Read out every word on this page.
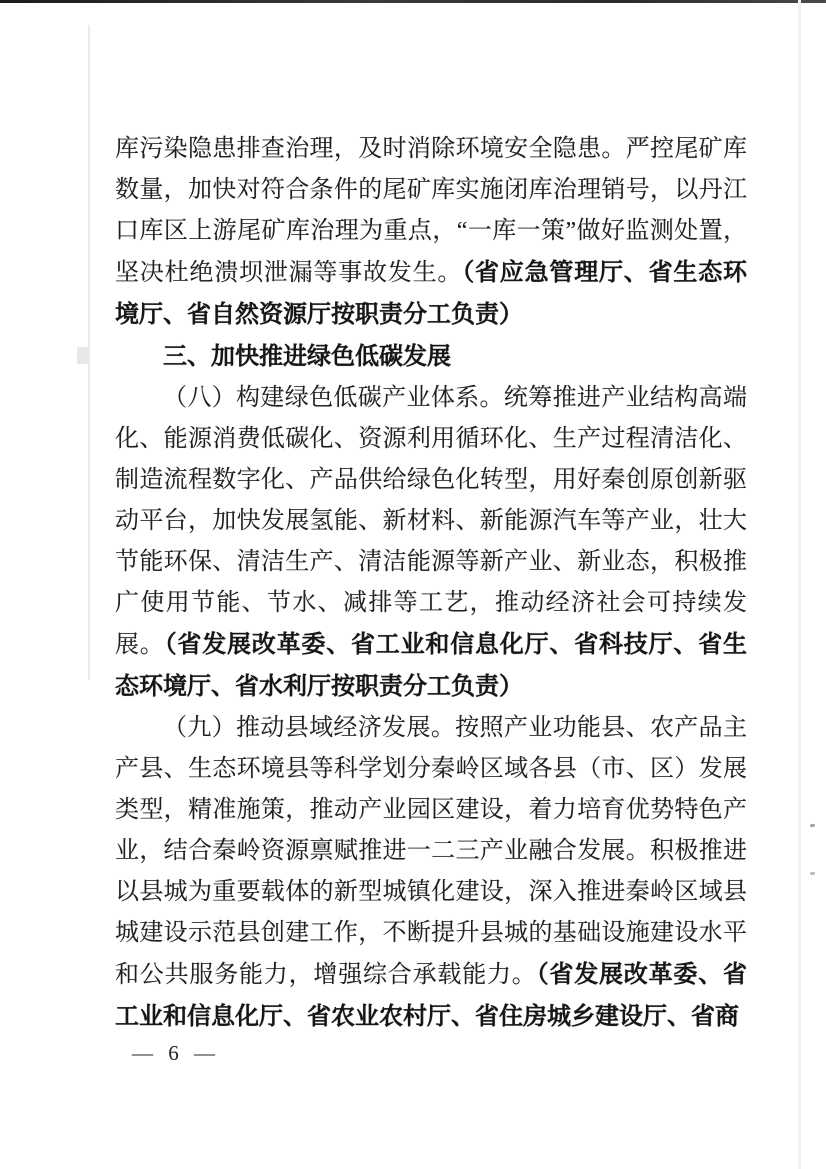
库污染隐患排查治理，及时消除环境安全隐患。严控尾矿库数量，加快对符合条件的尾矿库实施闭库治理销号，以丹江口库区上游尾矿库治理为重点，“一库一策”做好监测处置，坚决杜绝溃坝泄漏等事故发生。（省应急管理厅、省生态环境厅、省自然资源厅按职责分工负责）

三、加快推进绿色低碳发展

（八）构建绿色低碳产业体系。统筹推进产业结构高端化、能源消费低碳化、资源利用循环化、生产过程清洁化、制造流程数字化、产品供给绿色化转型，用好秦创原创新驱动平台，加快发展氢能、新材料、新能源汽车等产业，壮大节能环保、清洁生产、清洁能源等新产业、新业态，积极推广使用节能、节水、减排等工艺，推动经济社会可持续发展。（省发展改革委、省工业和信息化厅、省科技厅、省生态环境厅、省水利厅按职责分工负责）

（九）推动县域经济发展。按照产业功能县、农产品主产县、生态环境县等科学划分秦岭区域各县（市、区）发展类型，精准施策，推动产业园区建设，着力培育优势特色产业，结合秦岭资源禀赋推进一二三产业融合发展。积极推进以县城为重要载体的新型城镇化建设，深入推进秦岭区域县城建设示范县创建工作，不断提升县城的基础设施建设水平和公共服务能力，增强综合承载能力。（省发展改革委、省工业和信息化厅、省农业农村厅、省住房城乡建设厅、省商

— 6 —
